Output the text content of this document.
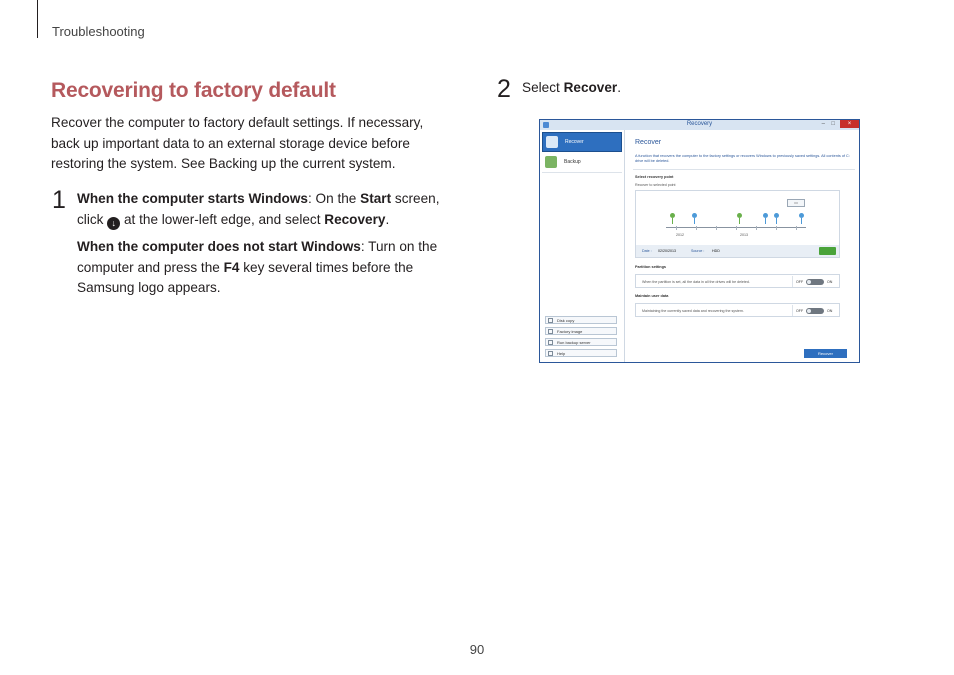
Troubleshooting
Recovering to factory default
Recover the computer to factory default settings. If necessary, back up important data to an external storage device before restoring the system. See Backing up the current system.
1 When the computer starts Windows: On the Start screen, click ↓ at the lower-left edge, and select Recovery.
When the computer does not start Windows: Turn on the computer and press the F4 key several times before the Samsung logo appears.
2 Select Recover.
Recovery	– □	×
Recover
Backup
Disk copy
Factory image
Run backup server
Help
Recover
A function that recovers the computer to the factory settings or recovers Windows to previously saved settings. All contents of C: drive will be deleted.
Select recovery point
Recover to selected point
▭
2012	2013
Date : 02/20/2013	Source : HDD
Partition settings
When the partition is set, all the data in all the drives will be deleted.	OFF	ON
Maintain user data
Maintaining the currently saved data and recovering the system.	OFF	ON
Recover
90
